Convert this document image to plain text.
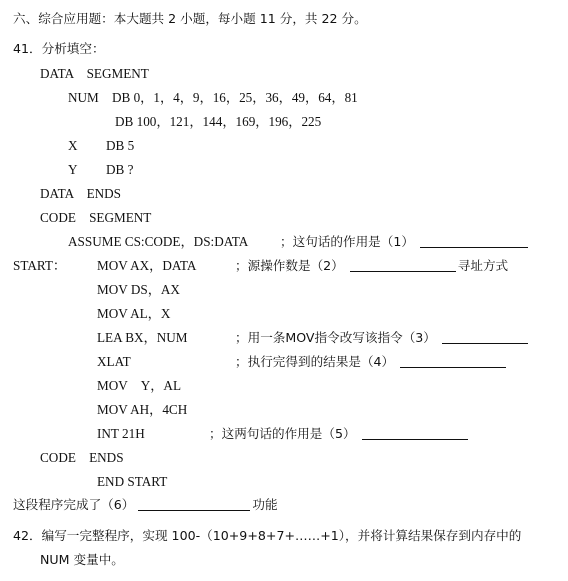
六、综合应用题：本大题共 2 小题，每小题 11 分，共 22 分。
41．分析填空：
DATA　SEGMENT
NUM　DB 0，1，4，9，16，25，36，49，64，81
DB 100，121，144，169，196，225
X DB 5
Y DB ?
DATA　ENDS
CODE　SEGMENT
ASSUME CS:CODE，DS:DATA	；这句话的作用是（1）
START： MOV AX，DATA	；源操作数是（2）	寻址方式
MOV DS，AX
MOV AL，X
LEA BX，NUM	；用一条MOV指令改写该指令（3）
XLAT	；执行完得到的结果是（4）
MOV　Y，AL
MOV AH，4CH
INT 21H	；这两句话的作用是（5）
CODE　ENDS
END START
这段程序完成了（6）	功能
42．编写一完整程序，实现 100-（10+9+8+7+……+1），并将计算结果保存到内存中的
NUM 变量中。
